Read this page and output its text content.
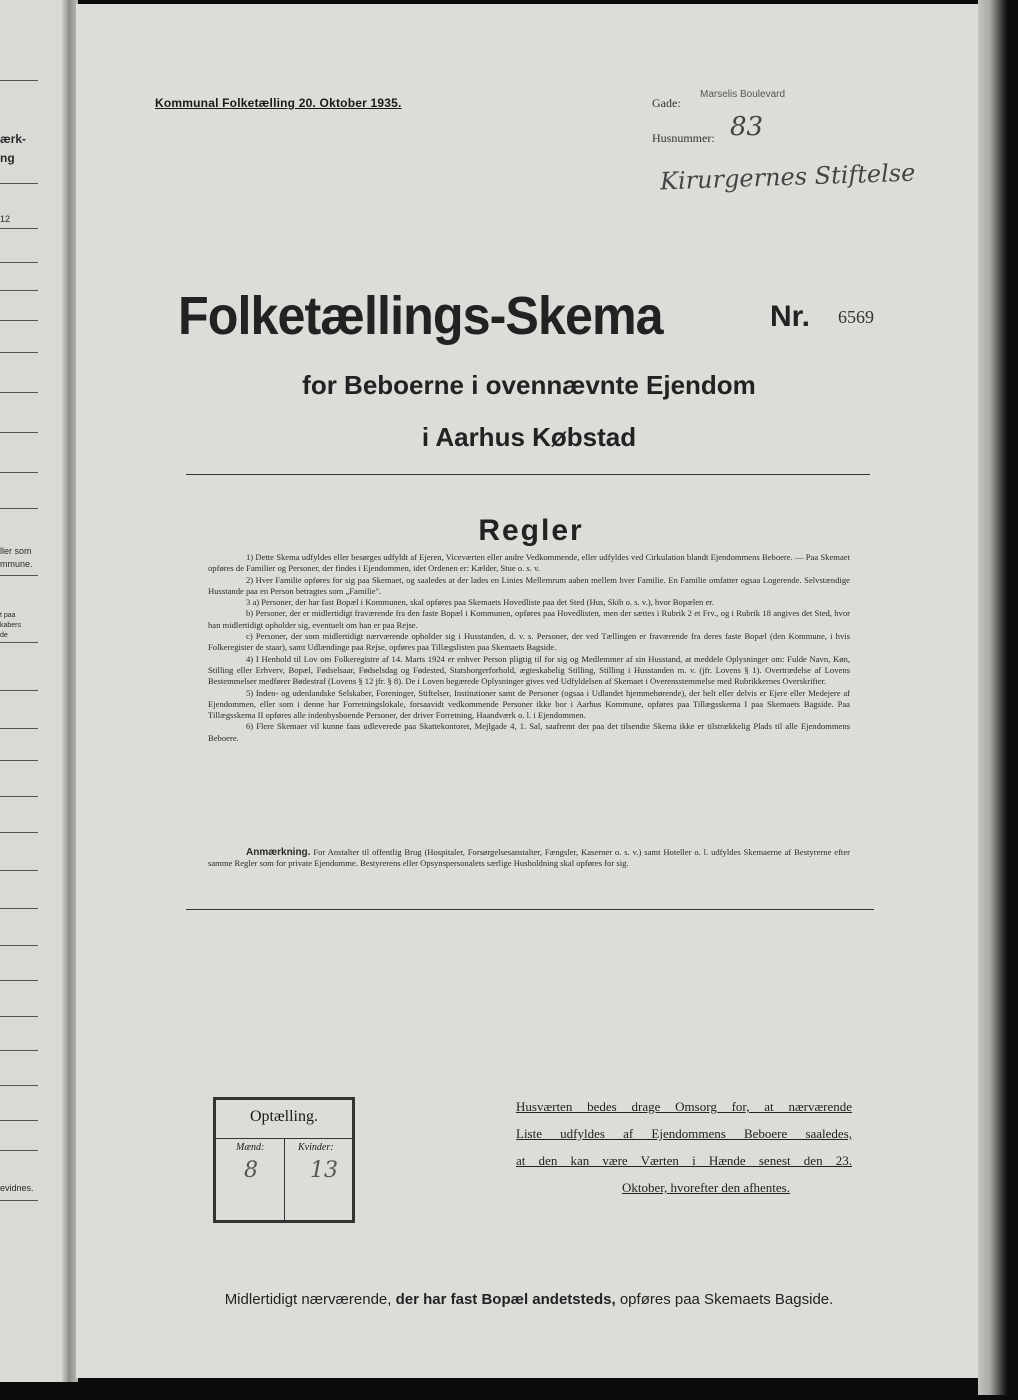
ærk-
ng
12
ller som
mmune.
t paa
kabers
de
evidnes.
Kommunal Folketælling 20. Oktober 1935.	Gade:
Marselis Boulevard
Husnummer: 83
Kirurgernes Stiftelse
Folketællings-Skema	Nr. 6569
for Beboerne i ovennævnte Ejendom
i Aarhus Købstad
Regler

1) Dette Skema udfyldes eller besørges udfyldt af Ejeren, Viceværten eller andre Vedkommende, eller udfyldes ved Cirkulation blandt Ejendommens Beboere. — Paa Skemaet opføres de Familier og Personer, der findes i Ejendommen, idet Ordenen er: Kælder, Stue o. s. v.

2) Hver Familie opføres for sig paa Skemaet, og saaledes at der lades en Linies Mellemrum aaben mellem hver Familie. En Familie omfatter ogsaa Logerende. Selvstændige Husstande paa en Person betragtes som „Familie".

3 a) Personer, der har fast Bopæl i Kommunen, skal opføres paa Skemaets Hovedliste paa det Sted (Hus, Skib o. s. v.), hvor Bopælen er.

b) Personer, der er midlertidigt fraværende fra den faste Bopæl i Kommunen, opføres paa Hovedlisten, men der sættes i Rubrik 2 et Frv., og i Rubrik 18 angives det Sted, hvor han midlertidigt opholder sig, eventuelt om han er paa Rejse.

c) Personer, der som midlertidigt nærværende opholder sig i Husstanden, d. v. s. Personer, der ved Tællingen er fraværende fra deres faste Bopæl (den Kommune, i hvis Folkeregister de staar), samt Udlændinge paa Rejse, opføres paa Tillægslisten paa Skemaets Bagside.

4) I Henhold til Lov om Folkeregistre af 14. Marts 1924 er enhver Person pligtig til for sig og Medlemmer af sin Husstand, at meddele Oplysninger om: Fulde Navn, Køn, Stilling eller Erhverv, Bopæl, Fødselsaar, Fødselsdag og Fødested, Statsborgerforhold, ægteskabelig Stilling, Stilling i Husstanden m. v. (jfr. Lovens § 1). Overtrædelse af Lovens Bestemmelser medfører Bødestraf (Lovens § 12 jfr. § 8). De i Loven begærede Oplysninger gives ved Udfyldelsen af Skemaet i Overensstemmelse med Rubrikkernes Overskrifter.

5) Inden- og udenlandske Selskaber, Foreninger, Stiftelser, Institutioner samt de Personer (ogsaa i Udlandet hjemmehørende), der helt eller delvis er Ejere eller Medejere af Ejendommen, eller som i denne har Forretningslokale, forsaavidt vedkommende Personer ikke bor i Aarhus Kommune, opføres paa Tillægsskema I paa Skemaets Bagside. Paa Tillægsskema II opføres alle indenbysboende Personer, der driver Forretning, Haandværk o. l. i Ejendommen.

6) Flere Skemaer vil kunne faas udleverede paa Skattekontoret, Mejlgade 4, 1. Sal, saafremt der paa det tilsendte Skema ikke er tilstrækkelig Plads til alle Ejendommens Beboere.

Anmærkning. For Anstalter til offentlig Brug (Hospitaler, Forsørgelsesanstalter, Fængsler, Kaserner o. s. v.) samt Hoteller o. l. udfyldes Skemaerne af Bestyrerne efter samme Regler som for private Ejendomme. Bestyrerens eller Opsynspersonalets særlige Husholdning skal opføres for sig.
Optælling.
Mænd:	Kvinder:
8 13
Husværten bedes drage Omsorg for, at nærværende
Liste udfyldes af Ejendommens Beboere saaledes,
at den kan være Værten i Hænde senest den 23.
Oktober, hvorefter den afhentes.
Midlertidigt nærværende, der har fast Bopæl andetsteds, opføres paa Skemaets Bagside.
